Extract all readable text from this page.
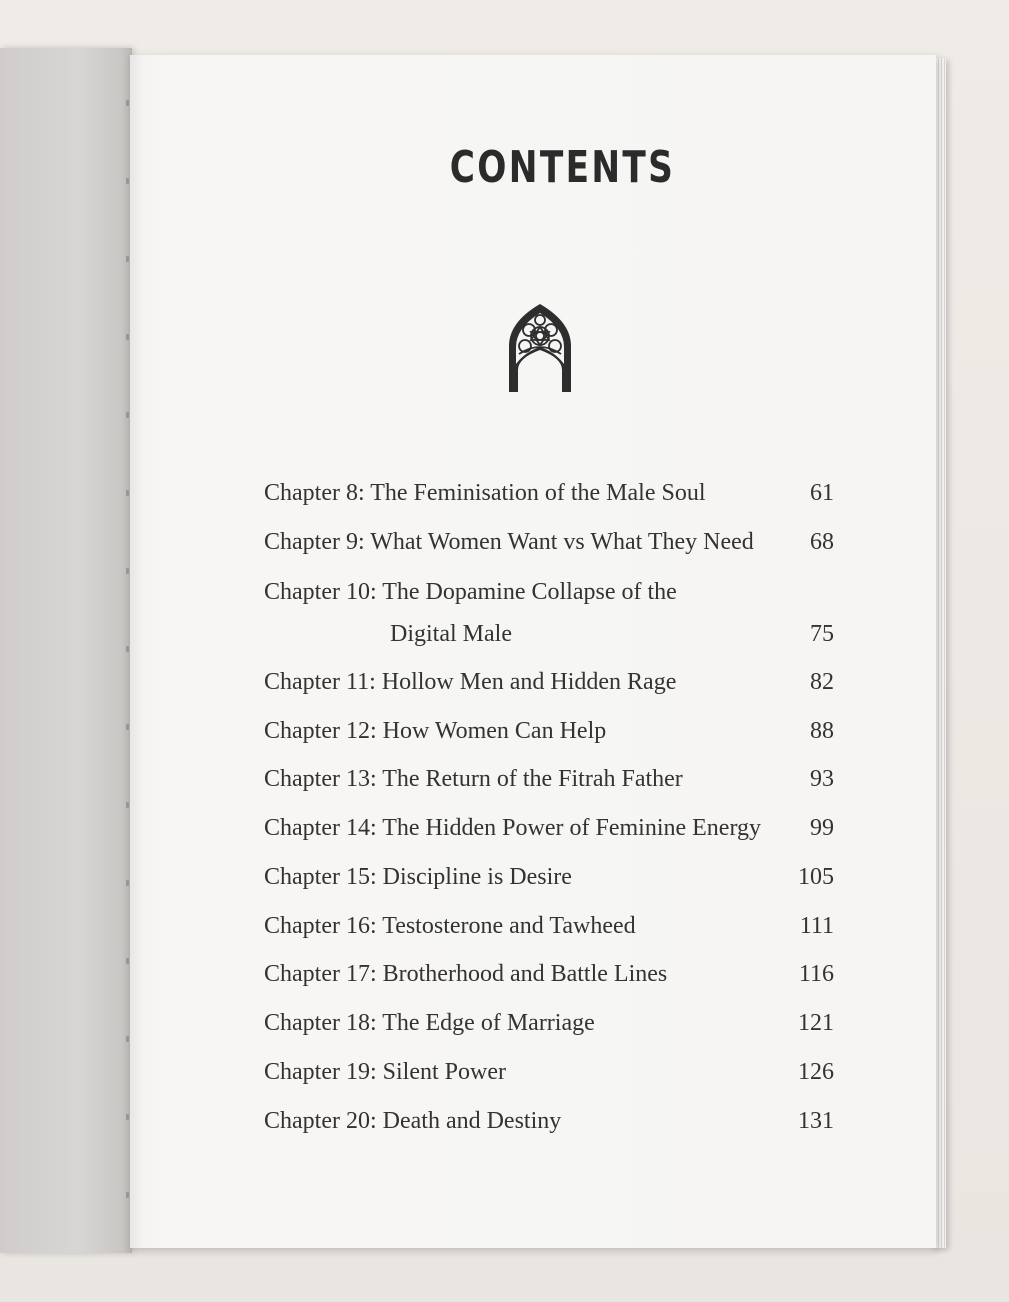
CONTENTS
Chapter 8: The Feminisation of the Male Soul	61
Chapter 9: What Women Want vs What They Need 68
Chapter 10: The Dopamine Collapse of the
Digital Male	75
Chapter 11: Hollow Men and Hidden Rage	82
Chapter 12: How Women Can Help	88
Chapter 13: The Return of the Fitrah Father	93
Chapter 14: The Hidden Power of Feminine Energy 99
Chapter 15: Discipline is Desire	105
Chapter 16: Testosterone and Tawheed	111
Chapter 17: Brotherhood and Battle Lines	116
Chapter 18: The Edge of Marriage	121
Chapter 19: Silent Power	126
Chapter 20: Death and Destiny	131
